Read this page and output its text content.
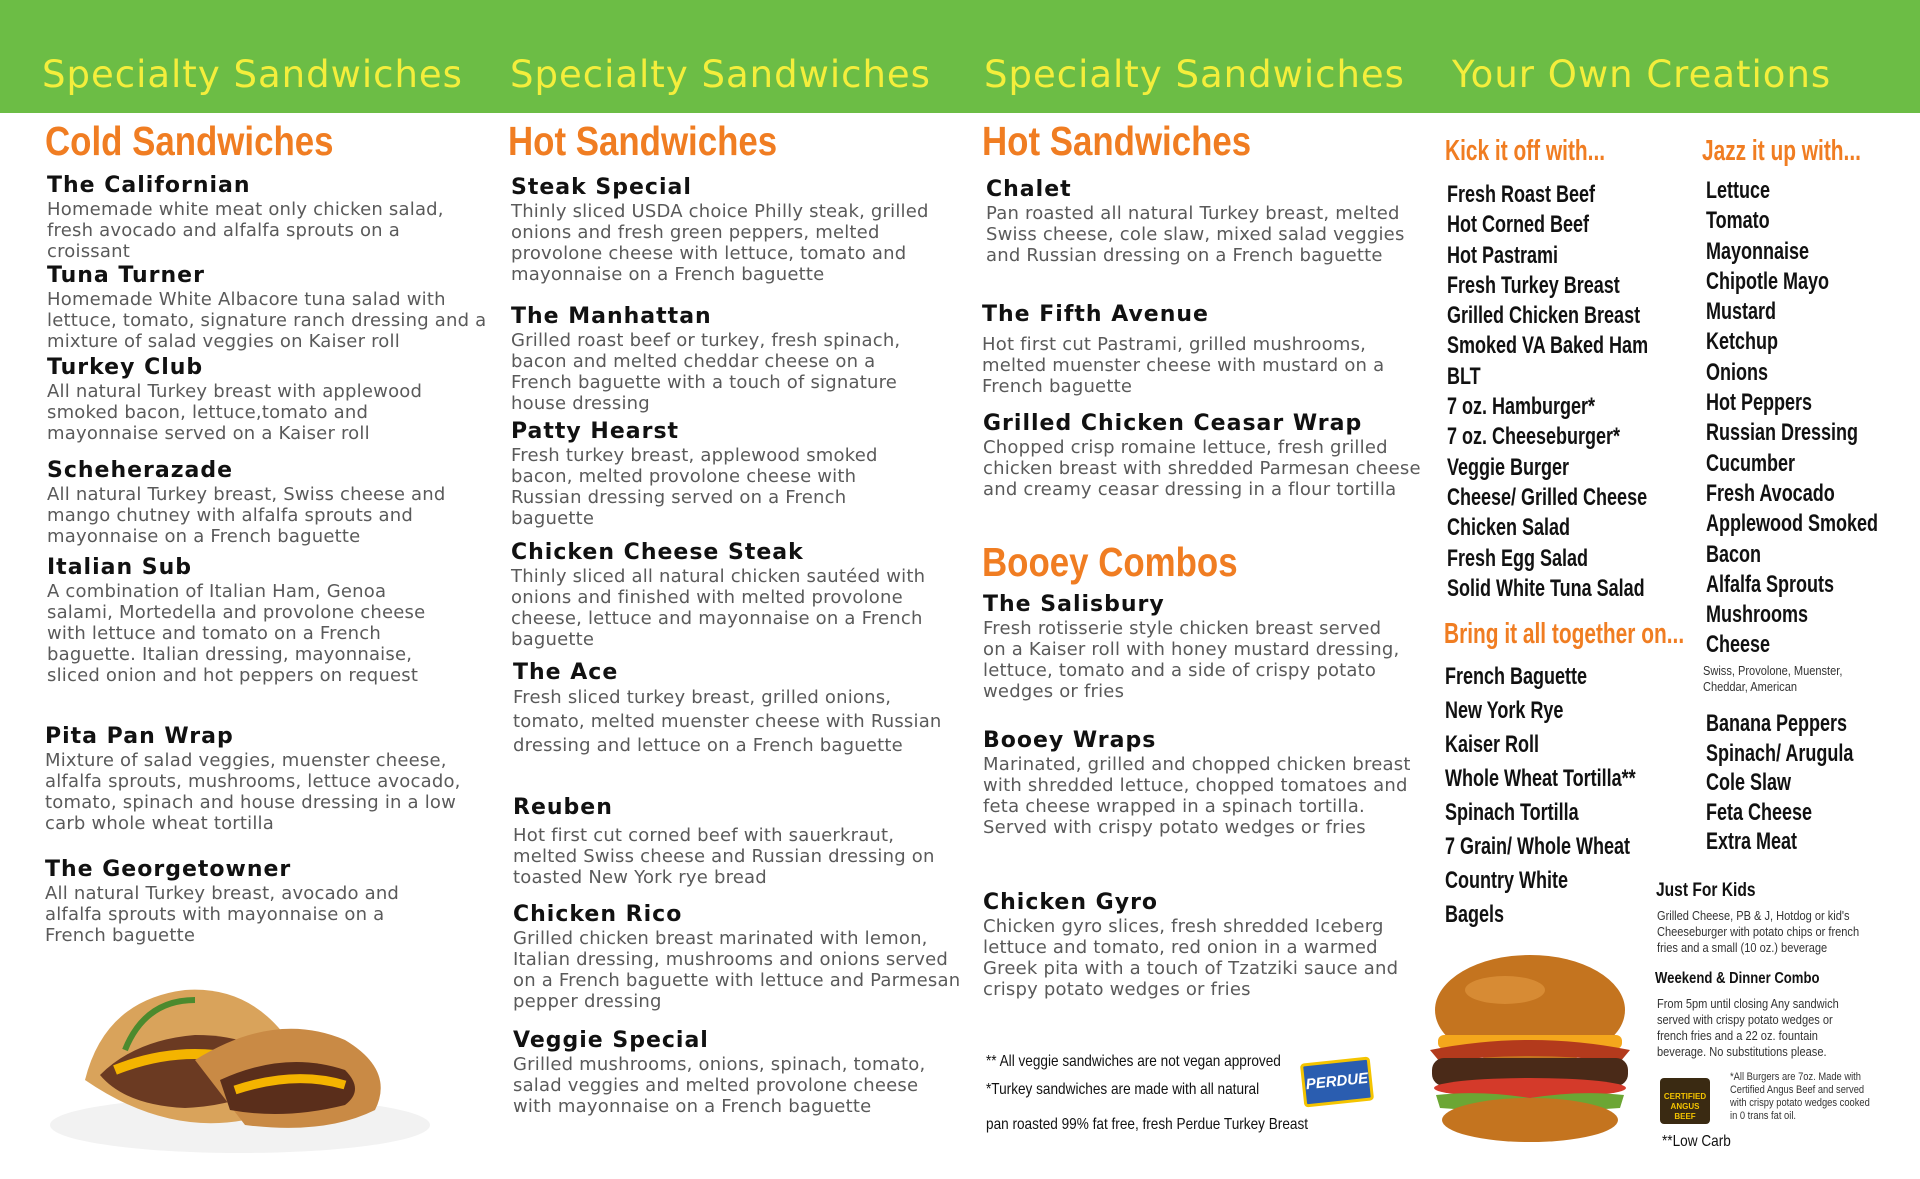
Specialty Sandwiches Specialty Sandwiches Specialty Sandwiches Your Own Creations
Cold Sandwiches
The Californian
Homemade white meat only chicken salad, fresh avocado and alfalfa sprouts on a croissant
Tuna Turner
Homemade White Albacore tuna salad with lettuce, tomato, signature ranch dressing and a mixture of salad veggies on Kaiser roll
Turkey Club
All natural Turkey breast with applewood smoked bacon, lettuce,tomato and mayonnaise served on a Kaiser roll
Scheherazade
All natural Turkey breast, Swiss cheese and mango chutney with alfalfa sprouts and mayonnaise on a French baguette
Italian Sub
A combination of Italian Ham, Genoa salami, Mortedella and provolone cheese with lettuce and tomato on a French baguette. Italian dressing, mayonnaise, sliced onion and hot peppers on request
Pita Pan Wrap
Mixture of salad veggies, muenster cheese, alfalfa sprouts, mushrooms, lettuce avocado, tomato, spinach and house dressing in a low carb whole wheat tortilla
The Georgetowner
All natural Turkey breast, avocado and alfalfa sprouts with mayonnaise on a French baguette
Hot Sandwiches
Steak Special
Thinly sliced USDA choice Philly steak, grilled onions and fresh green peppers, melted provolone cheese with lettuce, tomato and mayonnaise on a French baguette
The Manhattan
Grilled roast beef or turkey, fresh spinach, bacon and melted cheddar cheese on a French baguette with a touch of signature house dressing
Patty Hearst
Fresh turkey breast, applewood smoked bacon, melted provolone cheese with Russian dressing served on a French baguette
Chicken Cheese Steak
Thinly sliced all natural chicken sautéed with onions and finished with melted provolone cheese, lettuce and mayonnaise on a French baguette
The Ace
Fresh sliced turkey breast, grilled onions, tomato, melted muenster cheese with Russian dressing and lettuce on a French baguette
Reuben
Hot first cut corned beef with sauerkraut, melted Swiss cheese and Russian dressing on toasted New York rye bread
Chicken Rico
Grilled chicken breast marinated with lemon, Italian dressing, mushrooms and onions served on a French baguette with lettuce and Parmesan pepper dressing
Veggie Special
Grilled mushrooms, onions, spinach, tomato, salad veggies and melted provolone cheese with mayonnaise on a French baguette
Hot Sandwiches
Chalet
Pan roasted all natural Turkey breast, melted Swiss cheese, cole slaw, mixed salad veggies and Russian dressing on a French baguette
The Fifth Avenue
Hot first cut Pastrami, grilled mushrooms, melted muenster cheese with mustard on a French baguette
Grilled Chicken Ceasar Wrap
Chopped crisp romaine lettuce, fresh grilled chicken breast with shredded Parmesan cheese and creamy ceasar dressing in a flour tortilla
Booey Combos
The Salisbury
Fresh rotisserie style chicken breast served on a Kaiser roll with honey mustard dressing, lettuce, tomato and a side of crispy potato wedges or fries
Booey Wraps
Marinated, grilled and chopped chicken breast with shredded lettuce, chopped tomatoes and feta cheese wrapped in a spinach tortilla. Served with crispy potato wedges or fries
Chicken Gyro
Chicken gyro slices, fresh shredded Iceberg lettuce and tomato, red onion in a warmed Greek pita with a touch of Tzatziki sauce and crispy potato wedges or fries
** All veggie sandwiches are not vegan approved
*Turkey sandwiches are made with all natural
pan roasted 99% fat free, fresh Perdue Turkey Breast
PERDUE
Kick it off with...
Fresh Roast Beef
Hot Corned Beef
Hot Pastrami
Fresh Turkey Breast
Grilled Chicken Breast
Smoked VA Baked Ham
BLT
7 oz. Hamburger*
7 oz. Cheeseburger*
Veggie Burger
Cheese/ Grilled Cheese
Chicken Salad
Fresh Egg Salad
Solid White Tuna Salad
Bring it all together on...
French Baguette
New York Rye
Kaiser Roll
Whole Wheat Tortilla**
Spinach Tortilla
7 Grain/ Whole Wheat
Country White
Bagels
Jazz it up with...
Lettuce
Tomato
Mayonnaise
Chipotle Mayo
Mustard
Ketchup
Onions
Hot Peppers
Russian Dressing
Cucumber
Fresh Avocado
Applewood Smoked
Bacon
Alfalfa Sprouts
Mushrooms
Cheese
Swiss, Provolone, Muenster, Cheddar, American
Banana Peppers
Spinach/ Arugula
Cole Slaw
Feta Cheese
Extra Meat
Just For Kids
Grilled Cheese, PB & J, Hotdog or kid's Cheeseburger with potato chips or french fries and a small (10 oz.) beverage
Weekend & Dinner Combo
From 5pm until closing Any sandwich served with crispy potato wedges or french fries and a 22 oz. fountain beverage. No substitutions please.
*All Burgers are 7oz. Made with Certified Angus Beef and served with crispy potato wedges cooked in 0 trans fat oil.
CERTIFIED ANGUS BEEF
**Low Carb
